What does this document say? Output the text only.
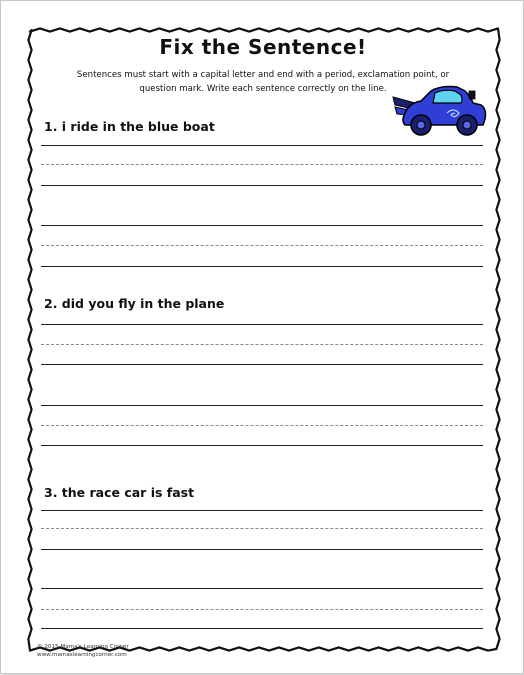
Fix the Sentence!
Sentences must start with a capital letter and end with a period, exclamation point, or question mark. Write each sentence correctly on the line.
1. i ride in the blue boat
2. did you fly in the plane
3. the race car is fast
© 2015 Mama's Learning Corner
www.mamaslearningcorner.com
